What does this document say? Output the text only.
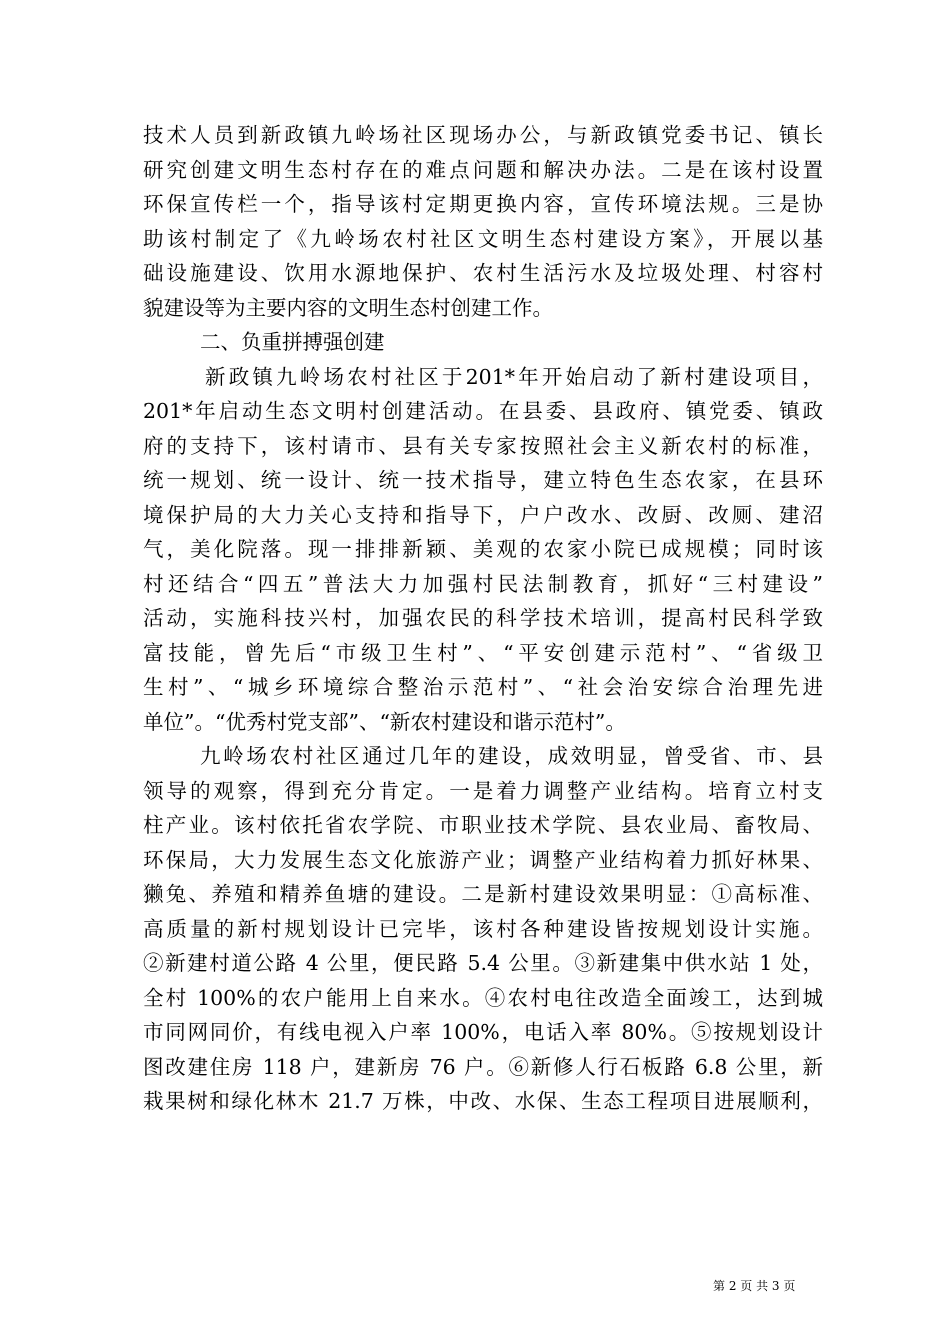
技术人员到新政镇九岭场社区现场办公，与新政镇党委书记、镇长
研究创建文明生态村存在的难点问题和解决办法。二是在该村设置
环保宣传栏一个，指导该村定期更换内容，宣传环境法规。三是协
助该村制定了《九岭场农村社区文明生态村建设方案》，开展以基
础设施建设、饮用水源地保护、农村生活污水及垃圾处理、村容村
貌建设等为主要内容的文明生态村创建工作。
二、负重拼搏强创建
新政镇九岭场农村社区于201*年开始启动了新村建设项目，
201*年启动生态文明村创建活动。在县委、县政府、镇党委、镇政
府的支持下，该村请市、县有关专家按照社会主义新农村的标准，
统一规划、统一设计、统一技术指导，建立特色生态农家，在县环
境保护局的大力关心支持和指导下，户户改水、改厨、改厕、建沼
气，美化院落。现一排排新颖、美观的农家小院已成规模；同时该
村还结合“四五”普法大力加强村民法制教育，抓好“三村建设”
活动，实施科技兴村，加强农民的科学技术培训，提高村民科学致
富技能，曾先后“市级卫生村”、“平安创建示范村”、“省级卫
生村”、“城乡环境综合整治示范村”、“社会治安综合治理先进
单位”。“优秀村党支部”、“新农村建设和谐示范村”。
九岭场农村社区通过几年的建设，成效明显，曾受省、市、县
领导的观察，得到充分肯定。一是着力调整产业结构。培育立村支
柱产业。该村依托省农学院、市职业技术学院、县农业局、畜牧局、
环保局，大力发展生态文化旅游产业；调整产业结构着力抓好林果、
獭兔、养殖和精养鱼塘的建设。二是新村建设效果明显：①高标准、
高质量的新村规划设计已完毕，该村各种建设皆按规划设计实施。
②新建村道公路 4 公里，便民路 5.4 公里。③新建集中供水站 1 处，
全村 100%的农户能用上自来水。④农村电往改造全面竣工，达到城
市同网同价，有线电视入户率 100%，电话入率 80%。⑤按规划设计
图改建住房 118 户，建新房 76 户。⑥新修人行石板路 6.8 公里，新
栽果树和绿化林木 21.7 万株，中改、水保、生态工程项目进展顺利，
第 2 页 共 3 页
